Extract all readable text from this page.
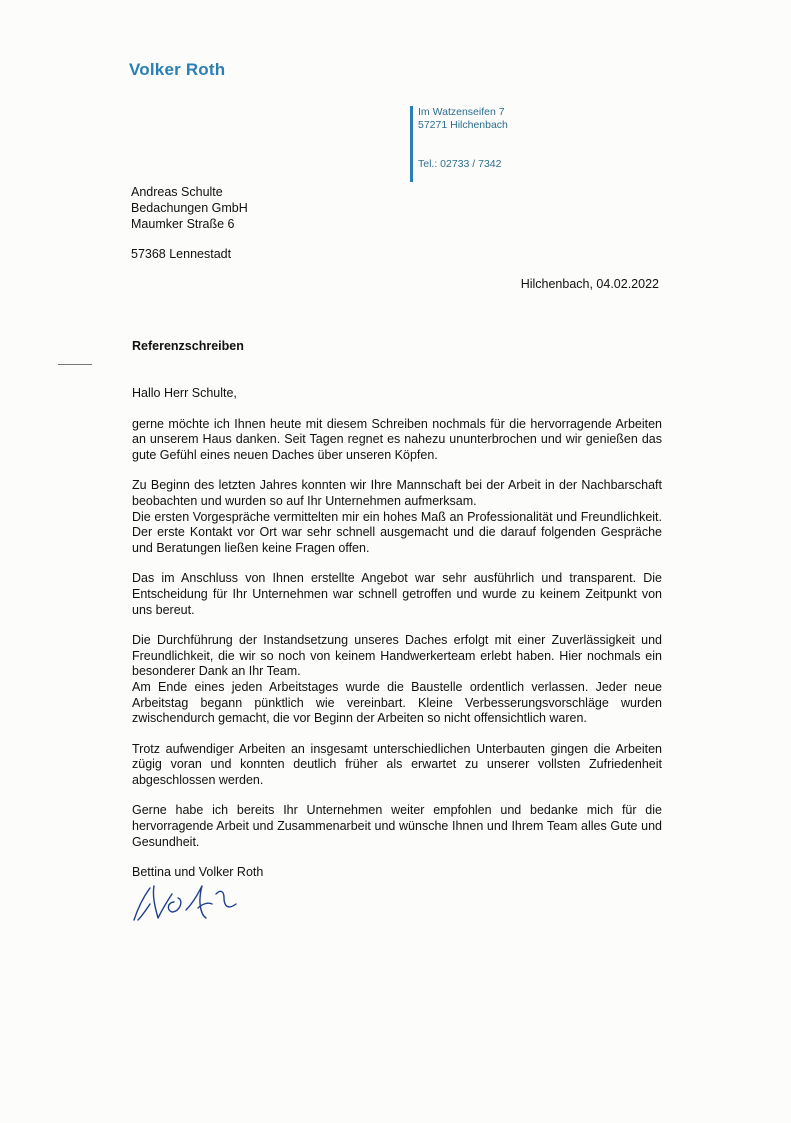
Volker Roth
Im Watzenseifen 7
57271 Hilchenbach
Tel.: 02733 / 7342
Andreas Schulte
Bedachungen GmbH
Maumker Straße 6
57368 Lennestadt
Hilchenbach, 04.02.2022
Referenzschreiben

Hallo Herr Schulte,

gerne möchte ich Ihnen heute mit diesem Schreiben nochmals für die hervorragende Arbeiten an unserem Haus danken. Seit Tagen regnet es nahezu ununterbrochen und wir genießen das gute Gefühl eines neuen Daches über unseren Köpfen.

Zu Beginn des letzten Jahres konnten wir Ihre Mannschaft bei der Arbeit in der Nachbarschaft beobachten und wurden so auf Ihr Unternehmen aufmerksam.

Die ersten Vorgespräche vermittelten mir ein hohes Maß an Professionalität und Freundlichkeit. Der erste Kontakt vor Ort war sehr schnell ausgemacht und die darauf folgenden Gespräche und Beratungen ließen keine Fragen offen.

Das im Anschluss von Ihnen erstellte Angebot war sehr ausführlich und transparent. Die Entscheidung für Ihr Unternehmen war schnell getroffen und wurde zu keinem Zeitpunkt von uns bereut.

Die Durchführung der Instandsetzung unseres Daches erfolgt mit einer Zuverlässigkeit und Freundlichkeit, die wir so noch von keinem Handwerkerteam erlebt haben. Hier nochmals ein besonderer Dank an Ihr Team.

Am Ende eines jeden Arbeitstages wurde die Baustelle ordentlich verlassen. Jeder neue Arbeitstag begann pünktlich wie vereinbart. Kleine Verbesserungsvorschläge wurden zwischendurch gemacht, die vor Beginn der Arbeiten so nicht offensichtlich waren.

Trotz aufwendiger Arbeiten an insgesamt unterschiedlichen Unterbauten gingen die Arbeiten zügig voran und konnten deutlich früher als erwartet zu unserer vollsten Zufriedenheit abgeschlossen werden.

Gerne habe ich bereits Ihr Unternehmen weiter empfohlen und bedanke mich für die hervorragende Arbeit und Zusammenarbeit und wünsche Ihnen und Ihrem Team alles Gute und Gesundheit.

Bettina und Volker Roth
